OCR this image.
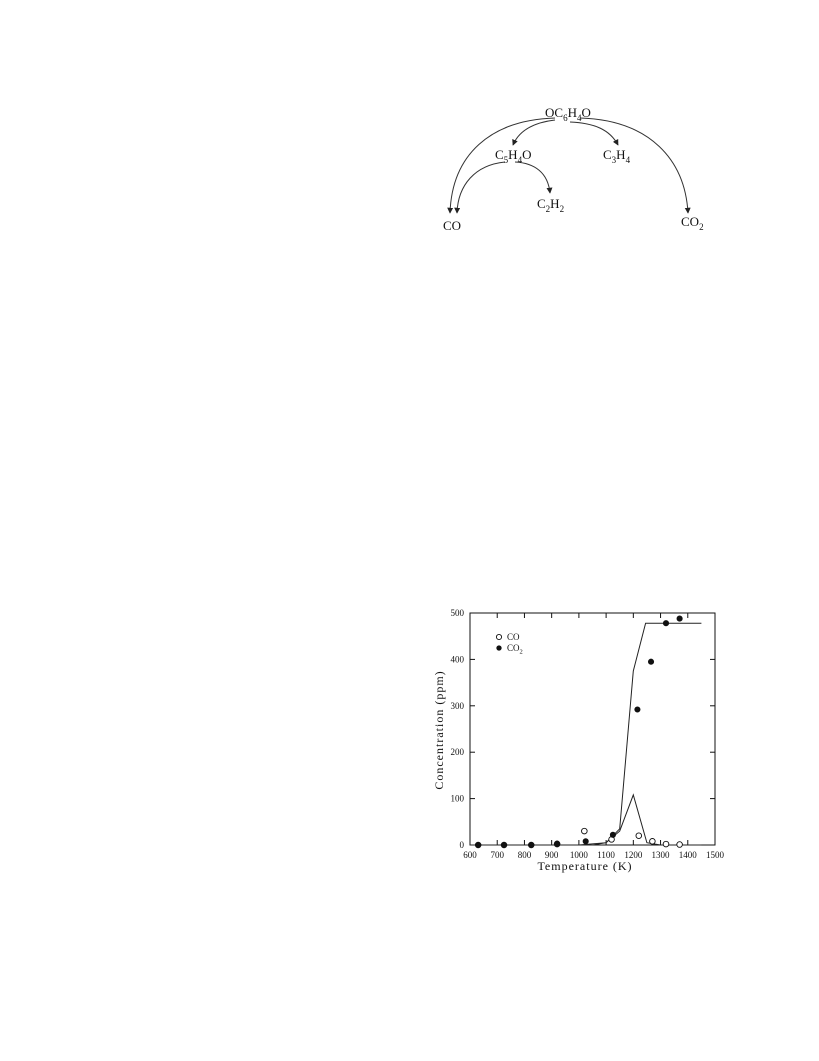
$OC_6H_4O$
$C_5H_4O$	$C_3H_4$
$C_2H_2$
CO	$CO_2$
600 700 800 900 1000 1100 1200 1300 1400 1500
0
100
200
300
400
500
CO
$CO_2$
Temperature (K)
Concentration (ppm)
